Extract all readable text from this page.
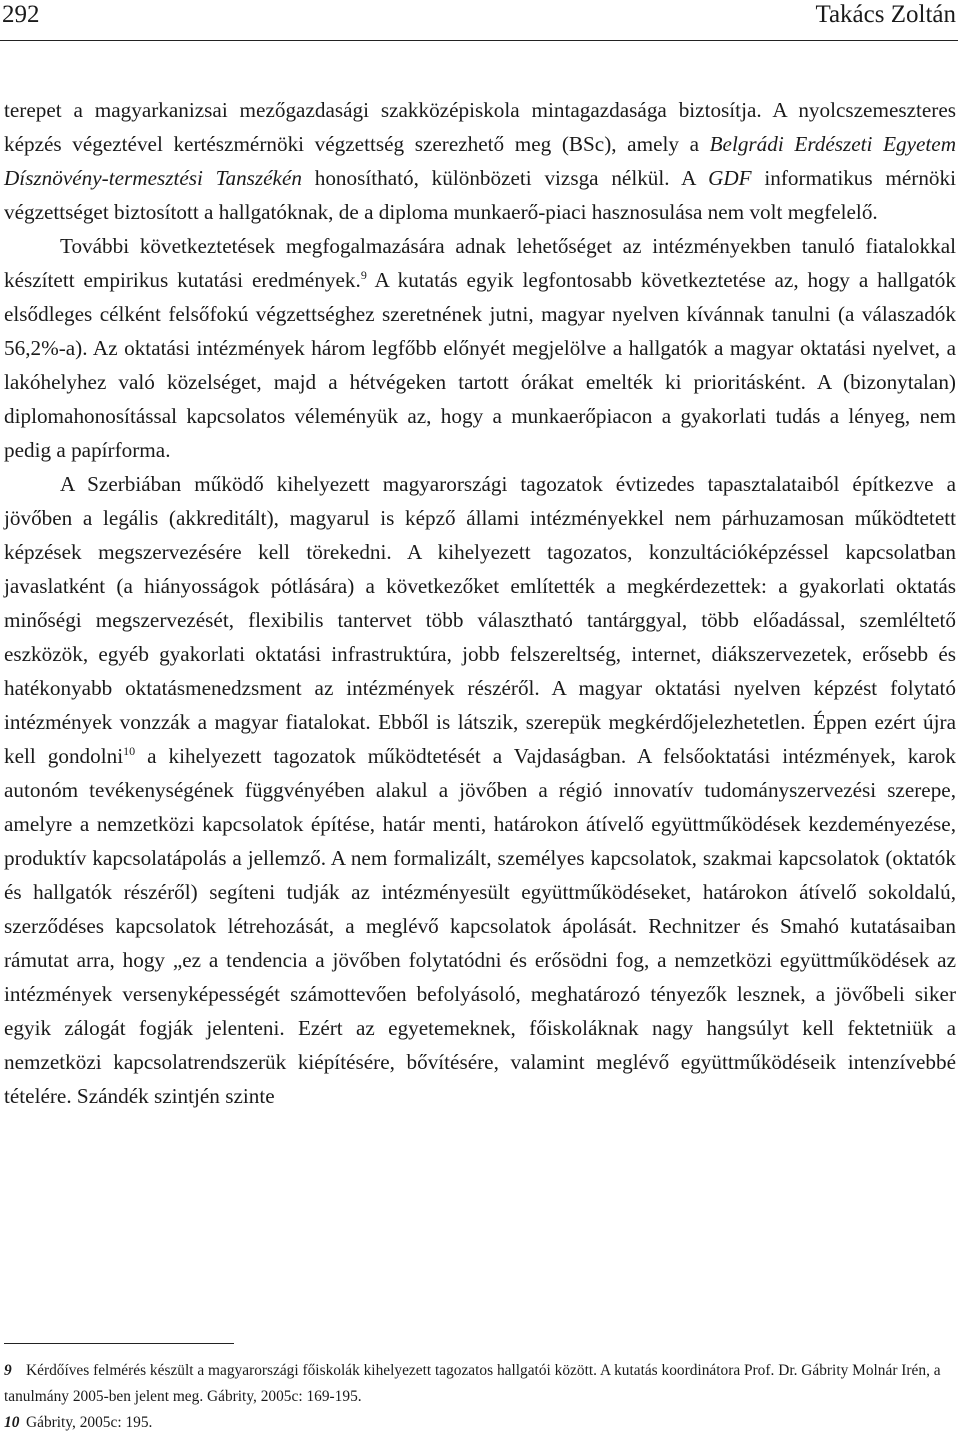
292	Takács Zoltán

terepet a magyarkanizsai mezőgazdasági szakközépiskola mintagazdasága biztosítja. A nyolcszemeszteres képzés végeztével kertészmérnöki végzettség szerezhető meg (BSc), amely a Belgrádi Erdészeti Egyetem Dísznövény-termesztési Tanszékén honosítható, különbözeti vizsga nélkül. A GDF informatikus mérnöki végzettséget biztosított a hallgatóknak, de a diploma munkaerő-piaci hasznosulása nem volt megfelelő.

További következtetések megfogalmazására adnak lehetőséget az intézményekben tanuló fiatalokkal készített empirikus kutatási eredmények.$^9$ A kutatás egyik legfontosabb következtetése az, hogy a hallgatók elsődleges célként felsőfokú végzettséghez szeretnének jutni, magyar nyelven kívánnak tanulni (a válaszadók 56,2%-a). Az oktatási intézmények három legfőbb előnyét megjelölve a hallgatók a magyar oktatási nyelvet, a lakóhelyhez való közelséget, majd a hétvégeken tartott órákat emelték ki prioritásként. A (bizonytalan) diplomahonosítással kapcsolatos véleményük az, hogy a munkaerőpiacon a gyakorlati tudás a lényeg, nem pedig a papírforma.

A Szerbiában működő kihelyezett magyarországi tagozatok évtizedes tapasztalataiból építkezve a jövőben a legális (akkreditált), magyarul is képző állami intézményekkel nem párhuzamosan működtetett képzések megszervezésére kell törekedni. A kihelyezett tagozatos, konzultációképzéssel kapcsolatban javaslatként (a hiányosságok pótlására) a következőket említették a megkérdezettek: a gyakorlati oktatás minőségi megszervezését, flexibilis tantervet több választható tantárggyal, több előadással, szemléltető eszközök, egyéb gyakorlati oktatási infrastruktúra, jobb felszereltség, internet, diákszervezetek, erősebb és hatékonyabb oktatásmenedzsment az intézmények részéről. A magyar oktatási nyelven képzést folytató intézmények vonzzák a magyar fiatalokat. Ebből is látszik, szerepük megkérdőjelezhetetlen. Éppen ezért újra kell gondolni$^{10}$ a kihelyezett tagozatok működtetését a Vajdaságban. A felsőoktatási intézmények, karok autonóm tevékenységének függvényében alakul a jövőben a régió innovatív tudományszervezési szerepe, amelyre a nemzetközi kapcsolatok építése, határ menti, határokon átívelő együttműködések kezdeményezése, produktív kapcsolatápolás a jellemző. A nem formalizált, személyes kapcsolatok, szakmai kapcsolatok (oktatók és hallgatók részéről) segíteni tudják az intézményesült együttműködéseket, határokon átívelő sokoldalú, szerződéses kapcsolatok létrehozását, a meglévő kapcsolatok ápolását. Rechnitzer és Smahó kutatásaiban rámutat arra, hogy „ez a tendencia a jövőben folytatódni és erősödni fog, a nemzetközi együttműködések az intézmények versenyképességét számottevően befolyásoló, meghatározó tényezők lesznek, a jövőbeli siker egyik zálogát fogják jelenteni. Ezért az egyetemeknek, főiskoláknak nagy hangsúlyt kell fektetniük a nemzetközi kapcsolatrendszerük kiépítésére, bővítésére, valamint meglévő együttműködéseik intenzívebbé tételére. Szándék szintjén szinte

9 Kérdőíves felmérés készült a magyarországi főiskolák kihelyezett tagozatos hallgatói között. A kutatás koordinátora Prof. Dr. Gábrity Molnár Irén, a tanulmány 2005-ben jelent meg. Gábrity, 2005c: 169-195.

10 Gábrity, 2005c: 195.
